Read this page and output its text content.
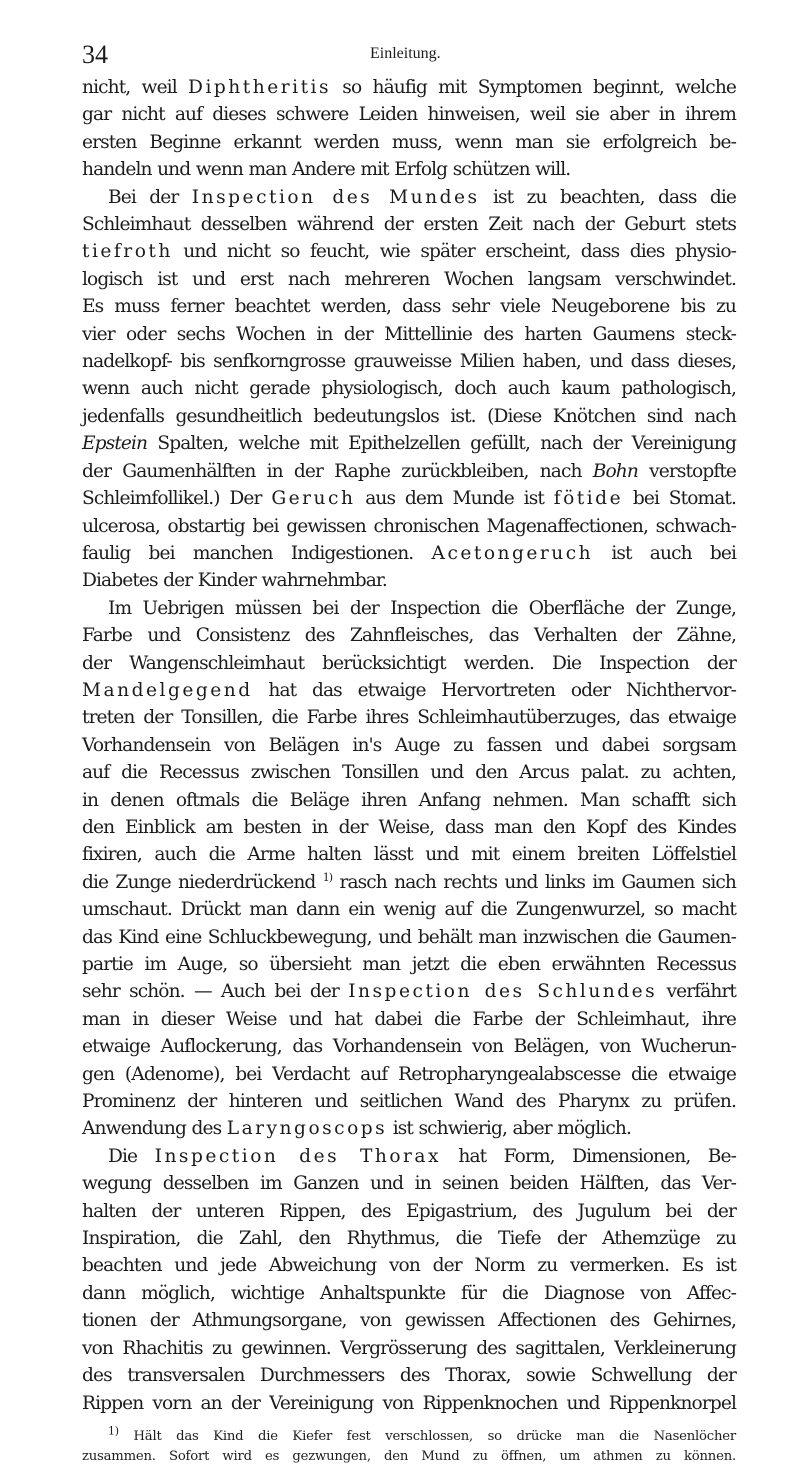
34	Einleitung.
nicht, weil Diphtheritis so häufig mit Symptomen beginnt, welche
gar nicht auf dieses schwere Leiden hinweisen, weil sie aber in ihrem
ersten Beginne erkannt werden muss, wenn man sie erfolgreich be-
handeln und wenn man Andere mit Erfolg schützen will.
Bei der Inspection des Mundes ist zu beachten, dass die
Schleimhaut desselben während der ersten Zeit nach der Geburt stets
tiefroth und nicht so feucht, wie später erscheint, dass dies physio-
logisch ist und erst nach mehreren Wochen langsam verschwindet.
Es muss ferner beachtet werden, dass sehr viele Neugeborene bis zu
vier oder sechs Wochen in der Mittellinie des harten Gaumens steck-
nadelkopf- bis senfkorngrosse grauweisse Milien haben, und dass dieses,
wenn auch nicht gerade physiologisch, doch auch kaum pathologisch,
jedenfalls gesundheitlich bedeutungslos ist. (Diese Knötchen sind nach
Epstein Spalten, welche mit Epithelzellen gefüllt, nach der Vereinigung
der Gaumenhälften in der Raphe zurückbleiben, nach Bohn verstopfte
Schleimfollikel.) Der Geruch aus dem Munde ist fötide bei Stomat.
ulcerosa, obstartig bei gewissen chronischen Magenaffectionen, schwach-
faulig bei manchen Indigestionen. Acetongeruch ist auch bei
Diabetes der Kinder wahrnehmbar.
Im Uebrigen müssen bei der Inspection die Oberfläche der Zunge,
Farbe und Consistenz des Zahnfleisches, das Verhalten der Zähne,
der Wangenschleimhaut berücksichtigt werden. Die Inspection der
Mandelgegend hat das etwaige Hervortreten oder Nichthervor-
treten der Tonsillen, die Farbe ihres Schleimhautüberzuges, das etwaige
Vorhandensein von Belägen in's Auge zu fassen und dabei sorgsam
auf die Recessus zwischen Tonsillen und den Arcus palat. zu achten,
in denen oftmals die Beläge ihren Anfang nehmen. Man schafft sich
den Einblick am besten in der Weise, dass man den Kopf des Kindes
fixiren, auch die Arme halten lässt und mit einem breiten Löffelstiel
die Zunge niederdrückend $^{1)}$ rasch nach rechts und links im Gaumen sich
umschaut. Drückt man dann ein wenig auf die Zungenwurzel, so macht
das Kind eine Schluckbewegung, und behält man inzwischen die Gaumen-
partie im Auge, so übersieht man jetzt die eben erwähnten Recessus
sehr schön. — Auch bei der Inspection des Schlundes verfährt
man in dieser Weise und hat dabei die Farbe der Schleimhaut, ihre
etwaige Auflockerung, das Vorhandensein von Belägen, von Wucherun-
gen (Adenome), bei Verdacht auf Retropharyngealabscesse die etwaige
Prominenz der hinteren und seitlichen Wand des Pharynx zu prüfen.
Anwendung des Laryngoscops ist schwierig, aber möglich.
Die Inspection des Thorax hat Form, Dimensionen, Be-
wegung desselben im Ganzen und in seinen beiden Hälften, das Ver-
halten der unteren Rippen, des Epigastrium, des Jugulum bei der
Inspiration, die Zahl, den Rhythmus, die Tiefe der Athemzüge zu
beachten und jede Abweichung von der Norm zu vermerken. Es ist
dann möglich, wichtige Anhaltspunkte für die Diagnose von Affec-
tionen der Athmungsorgane, von gewissen Affectionen des Gehirnes,
von Rhachitis zu gewinnen. Vergrösserung des sagittalen, Verkleinerung
des transversalen Durchmessers des Thorax, sowie Schwellung der
Rippen vorn an der Vereinigung von Rippenknochen und Rippenknorpel
$^{1)}$ Hält das Kind die Kiefer fest verschlossen, so drücke man die Nasenlöcher
zusammen. Sofort wird es gezwungen, den Mund zu öffnen, um athmen zu können.
